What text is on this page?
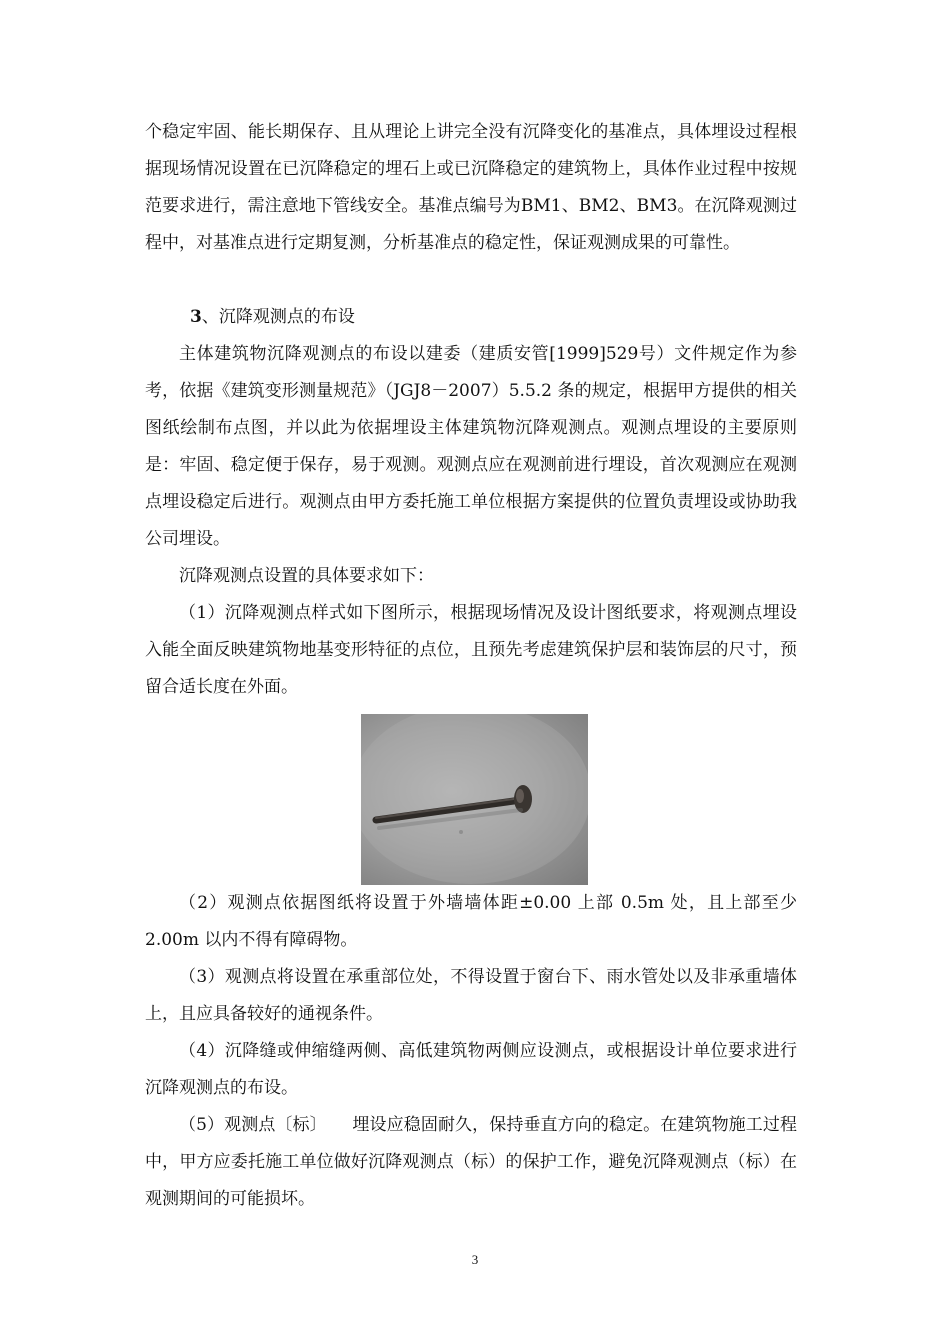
个稳定牢固、能长期保存、且从理论上讲完全没有沉降变化的基准点，具体埋设过程根据现场情况设置在已沉降稳定的埋石上或已沉降稳定的建筑物上，具体作业过程中按规范要求进行，需注意地下管线安全。基准点编号为BM1、BM2、BM3。在沉降观测过程中，对基准点进行定期复测，分析基准点的稳定性，保证观测成果的可靠性。

3、沉降观测点的布设

主体建筑物沉降观测点的布设以建委（建质安管[1999]529号）文件规定作为参考，依据《建筑变形测量规范》（JGJ8－2007）5.5.2 条的规定，根据甲方提供的相关图纸绘制布点图，并以此为依据埋设主体建筑物沉降观测点。观测点埋设的主要原则是：牢固、稳定便于保存，易于观测。观测点应在观测前进行埋设，首次观测应在观测点埋设稳定后进行。观测点由甲方委托施工单位根据方案提供的位置负责埋设或协助我公司埋设。

沉降观测点设置的具体要求如下：

（1）沉降观测点样式如下图所示，根据现场情况及设计图纸要求，将观测点埋设入能全面反映建筑物地基变形特征的点位，且预先考虑建筑保护层和装饰层的尺寸，预留合适长度在外面。

（2）观测点依据图纸将设置于外墙墙体距±0.00 上部 0.5m 处，且上部至少 2.00m 以内不得有障碍物。

（3）观测点将设置在承重部位处，不得设置于窗台下、雨水管处以及非承重墙体上，且应具备较好的通视条件。

（4）沉降缝或伸缩缝两侧、高低建筑物两侧应设测点，或根据设计单位要求进行沉降观测点的布设。

（5）观测点〔标〕　　埋设应稳固耐久，保持垂直方向的稳定。在建筑物施工过程中，甲方应委托施工单位做好沉降观测点（标）的保护工作，避免沉降观测点（标）在观测期间的可能损坏。

3
